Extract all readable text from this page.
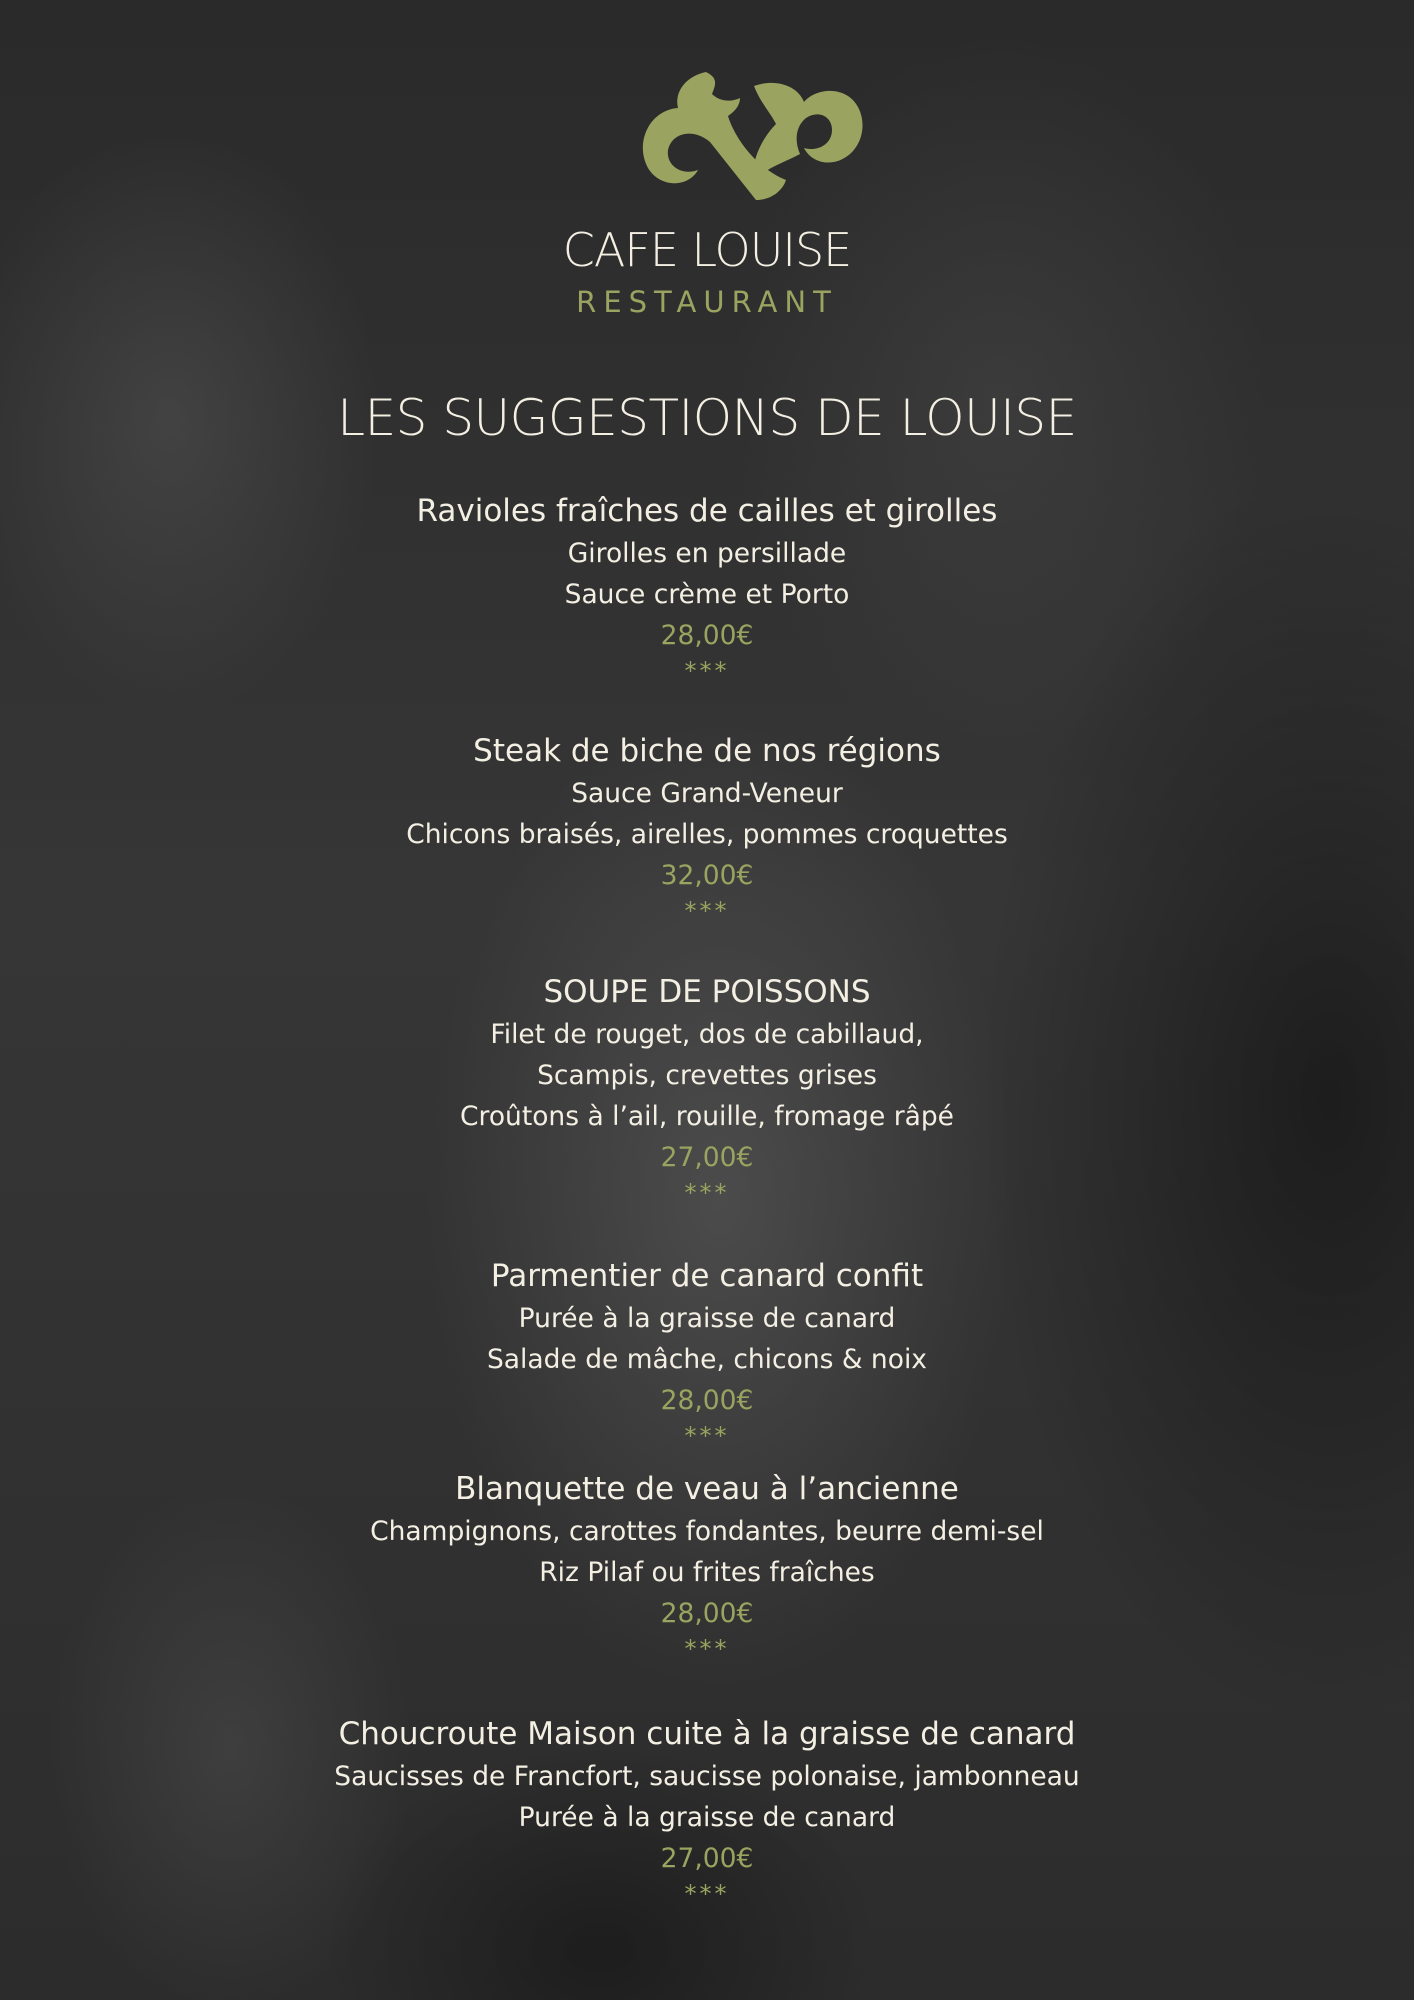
CAFE LOUISE
RESTAURANT
LES SUGGESTIONS DE LOUISE
Ravioles fraîches de cailles et girolles
Girolles en persillade
Sauce crème et Porto
28,00€
***
Steak de biche de nos régions
Sauce Grand-Veneur
Chicons braisés, airelles, pommes croquettes
32,00€
***
SOUPE DE POISSONS
Filet de rouget, dos de cabillaud,
Scampis, crevettes grises
Croûtons à l’ail, rouille, fromage râpé
27,00€
***
Parmentier de canard confit
Purée à la graisse de canard
Salade de mâche, chicons & noix
28,00€
***
Blanquette de veau à l’ancienne
Champignons, carottes fondantes, beurre demi-sel
Riz Pilaf ou frites fraîches
28,00€
***
Choucroute Maison cuite à la graisse de canard
Saucisses de Francfort, saucisse polonaise, jambonneau
Purée à la graisse de canard
27,00€
***
